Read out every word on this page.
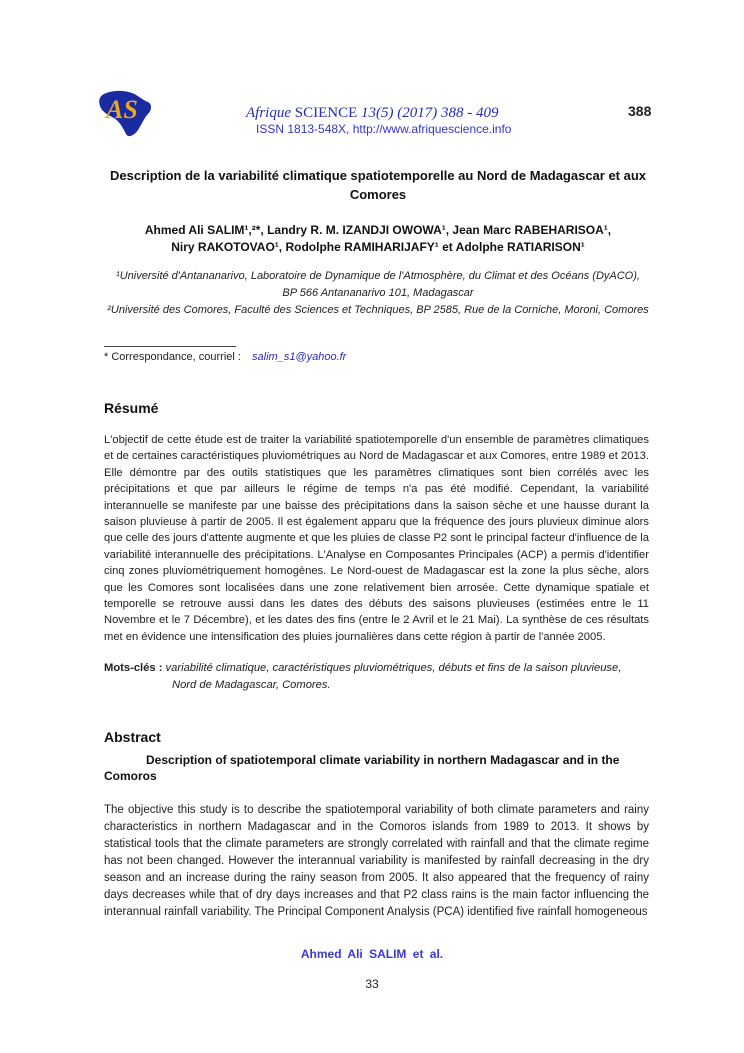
AS	Afrique SCIENCE 13(5) (2017) 388 - 409
ISSN 1813-548X, http://www.afriquescience.info
388
Description de la variabilité climatique spatiotemporelle au Nord de Madagascar et aux Comores
Ahmed Ali SALIM¹,²*, Landry R. M. IZANDJI OWOWA¹, Jean Marc RABEHARISOA¹,
Niry RAKOTOVAO¹, Rodolphe RAMIHARIJAFY¹ et Adolphe RATIARISON¹
¹Université d'Antananarivo, Laboratoire de Dynamique de l'Atmosphère, du Climat et des Océans (DyACO),
BP 566 Antananarivo 101, Madagascar
²Université des Comores, Faculté des Sciences et Techniques, BP 2585, Rue de la Corniche, Moroni, Comores
* Correspondance, courriel : salim_s1@yahoo.fr
Résumé
L'objectif de cette étude est de traiter la variabilité spatiotemporelle d'un ensemble de paramètres climatiques et de certaines caractéristiques pluviométriques au Nord de Madagascar et aux Comores, entre 1989 et 2013. Elle démontre par des outils statistiques que les paramètres climatiques sont bien corrélés avec les précipitations et que par ailleurs le régime de temps n'a pas été modifié. Cependant, la variabilité interannuelle se manifeste par une baisse des précipitations dans la saison sèche et une hausse durant la saison pluvieuse à partir de 2005. Il est également apparu que la fréquence des jours pluvieux diminue alors que celle des jours d'attente augmente et que les pluies de classe P2 sont le principal facteur d'influence de la variabilité interannuelle des précipitations. L'Analyse en Composantes Principales (ACP) a permis d'identifier cinq zones pluviométriquement homogènes. Le Nord-ouest de Madagascar est la zone la plus sèche, alors que les Comores sont localisées dans une zone relativement bien arrosée. Cette dynamique spatiale et temporelle se retrouve aussi dans les dates des débuts des saisons pluvieuses (estimées entre le 11 Novembre et le 7 Décembre), et les dates des fins (entre le 2 Avril et le 21 Mai). La synthèse de ces résultats met en évidence une intensification des pluies journalières dans cette région à partir de l'année 2005.
Mots-clés : variabilité climatique, caractéristiques pluviométriques, débuts et fins de la saison pluvieuse,
Nord de Madagascar, Comores.
Abstract
Description of spatiotemporal climate variability in northern Madagascar and in the Comoros
The objective this study is to describe the spatiotemporal variability of both climate parameters and rainy characteristics in northern Madagascar and in the Comoros islands from 1989 to 2013. It shows by statistical tools that the climate parameters are strongly correlated with rainfall and that the climate regime has not been changed. However the interannual variability is manifested by rainfall decreasing in the dry season and an increase during the rainy season from 2005. It also appeared that the frequency of rainy days decreases while that of dry days increases and that P2 class rains is the main factor influencing the interannual rainfall variability. The Principal Component Analysis (PCA) identified five rainfall homogeneous
Ahmed Ali SALIM et al.
33
